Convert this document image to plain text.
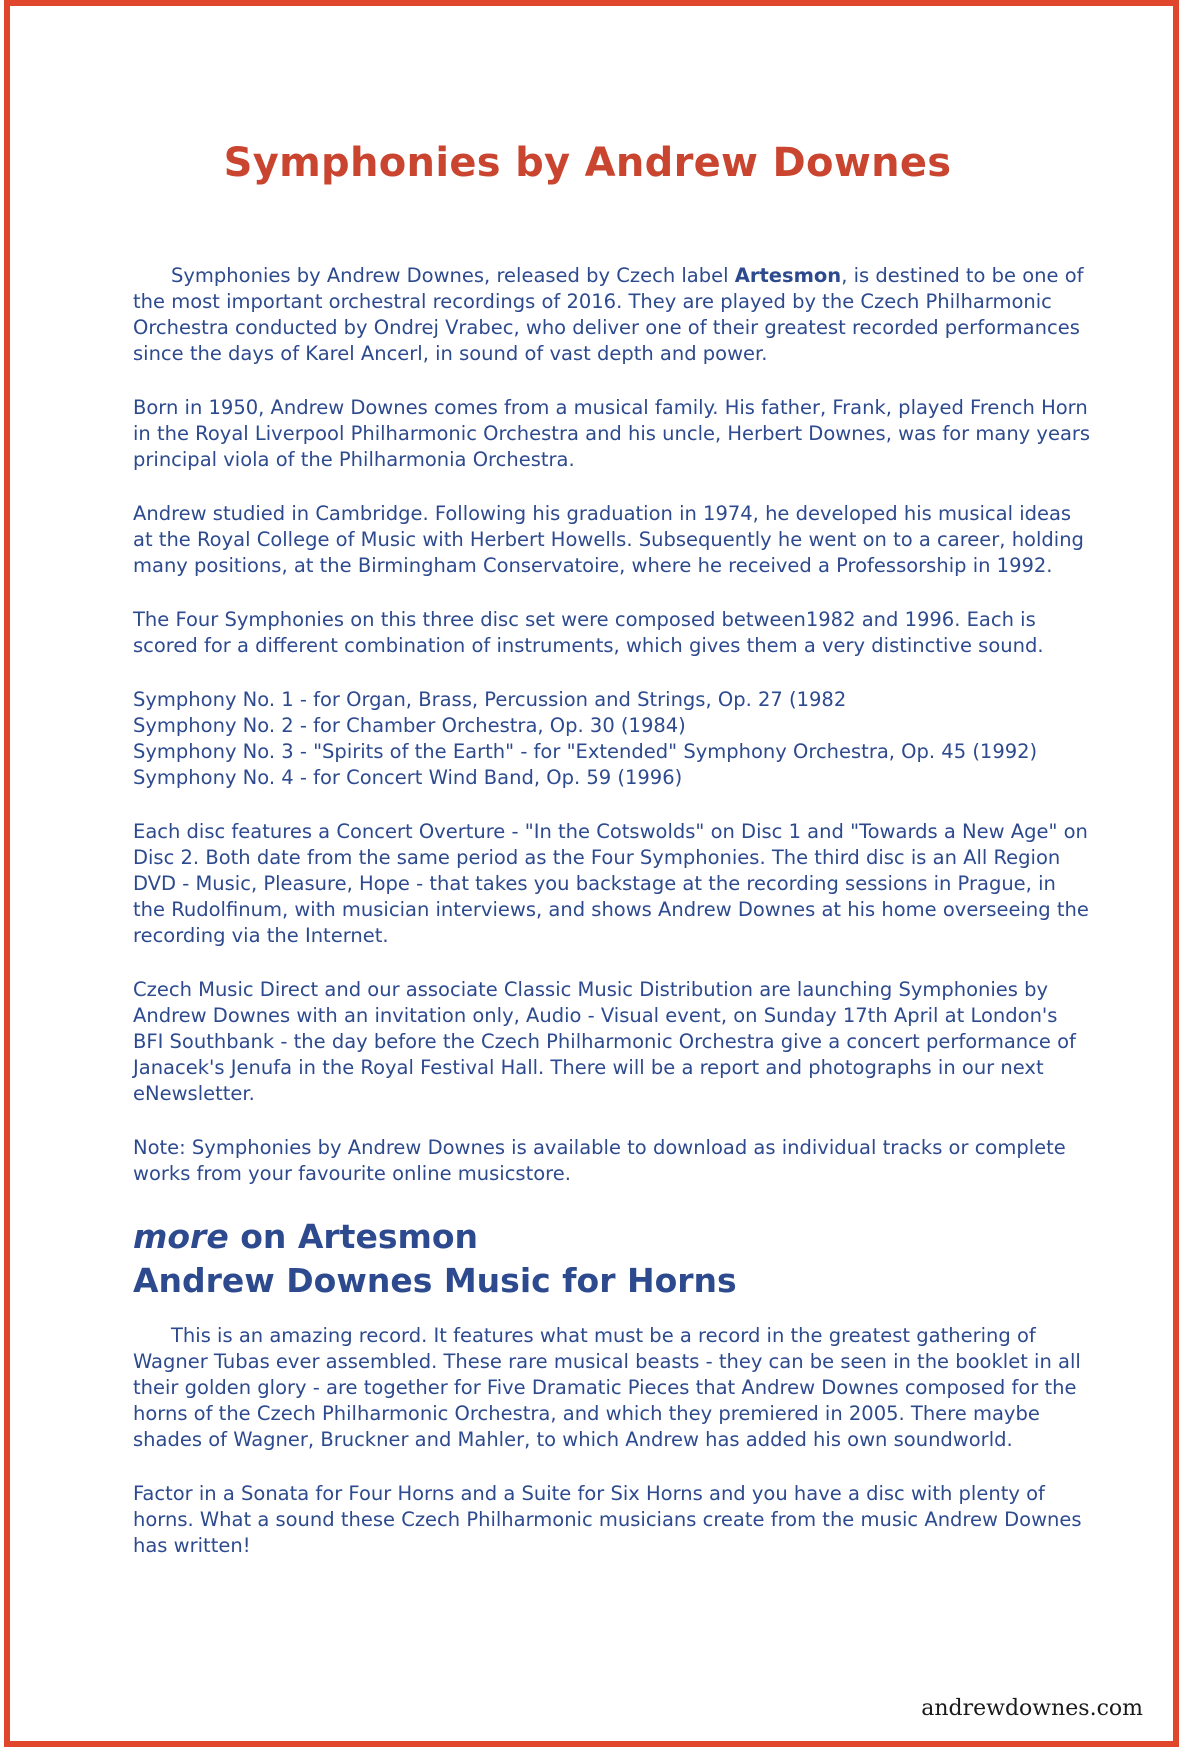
Symphonies by Andrew Downes

Symphonies by Andrew Downes, released by Czech label Artesmon, is destined to be one of the most important orchestral recordings of 2016. They are played by the Czech Philharmonic Orchestra conducted by Ondrej Vrabec, who deliver one of their greatest recorded performances since the days of Karel Ancerl, in sound of vast depth and power.

Born in 1950, Andrew Downes comes from a musical family. His father, Frank, played French Horn in the Royal Liverpool Philharmonic Orchestra and his uncle, Herbert Downes, was for many years principal viola of the Philharmonia Orchestra.

Andrew studied in Cambridge. Following his graduation in 1974, he developed his musical ideas at the Royal College of Music with Herbert Howells. Subsequently he went on to a career, holding many positions, at the Birmingham Conservatoire, where he received a Professorship in 1992.

The Four Symphonies on this three disc set were composed between1982 and 1996. Each is scored for a different combination of instruments, which gives them a very distinctive sound.

Symphony No. 1 - for Organ, Brass, Percussion and Strings, Op. 27 (1982
Symphony No. 2 - for Chamber Orchestra, Op. 30 (1984)
Symphony No. 3 - "Spirits of the Earth" - for "Extended" Symphony Orchestra, Op. 45 (1992)
Symphony No. 4 - for Concert Wind Band, Op. 59 (1996)

Each disc features a Concert Overture - "In the Cotswolds" on Disc 1 and "Towards a New Age" on Disc 2. Both date from the same period as the Four Symphonies. The third disc is an All Region DVD - Music, Pleasure, Hope - that takes you backstage at the recording sessions in Prague, in the Rudolfinum, with musician interviews, and shows Andrew Downes at his home overseeing the recording via the Internet.

Czech Music Direct and our associate Classic Music Distribution are launching Symphonies by Andrew Downes with an invitation only, Audio - Visual event, on Sunday 17th April at London's BFI Southbank - the day before the Czech Philharmonic Orchestra give a concert performance of Janacek's Jenufa in the Royal Festival Hall. There will be a report and photographs in our next eNewsletter.

Note: Symphonies by Andrew Downes is available to download as individual tracks or complete works from your favourite online musicstore.

more on Artesmon
Andrew Downes Music for Horns

This is an amazing record. It features what must be a record in the greatest gathering of Wagner Tubas ever assembled. These rare musical beasts - they can be seen in the booklet in all their golden glory - are together for Five Dramatic Pieces that Andrew Downes composed for the horns of the Czech Philharmonic Orchestra, and which they premiered in 2005. There maybe shades of Wagner, Bruckner and Mahler, to which Andrew has added his own soundworld.

Factor in a Sonata for Four Horns and a Suite for Six Horns and you have a disc with plenty of horns. What a sound these Czech Philharmonic musicians create from the music Andrew Downes has written!

andrewdownes.com
